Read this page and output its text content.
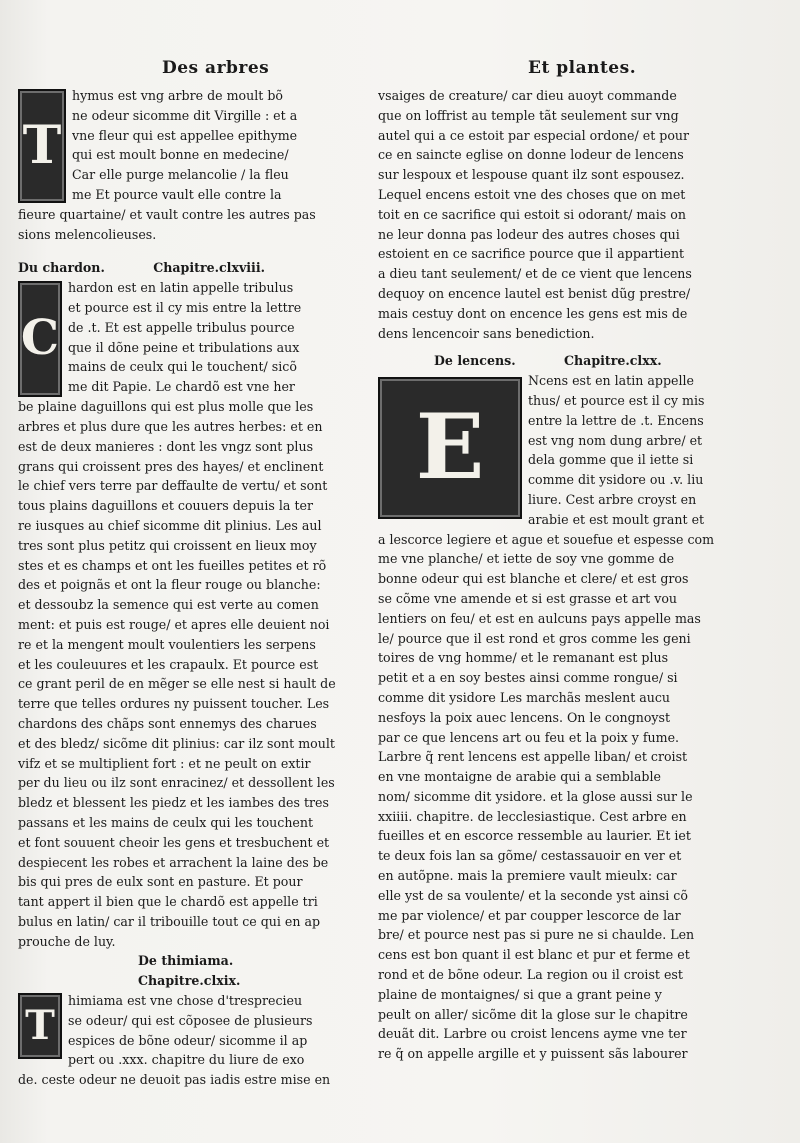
Des arbres	Et plantes.
T
hymus est vng arbre de moult bõ
ne odeur sicomme dit Virgille : et a
vne fleur qui est appellee epithyme
qui est moult bonne en medecine/
Car elle purge melancolie / la fleu
me Et pource vault elle contre la
fieure quartaine/ et vault contre les autres pas
sions melencolieuses.
Du chardon.	Chapitre.clxviii.
C
hardon est en latin appelle tribulus
et pource est il cy mis entre la lettre
de .t. Et est appelle tribulus pource
que il dõne peine et tribulations aux
mains de ceulx qui le touchent/ sicõ
me dit Papie. Le chardõ est vne her
be plaine daguillons qui est plus molle que les
arbres et plus dure que les autres herbes: et en
est de deux manieres : dont les vngz sont plus
grans qui croissent pres des hayes/ et enclinent
le chief vers terre par deffaulte de vertu/ et sont
tous plains daguillons et couuers depuis la ter
re iusques au chief sicomme dit plinius. Les aul
tres sont plus petitz qui croissent en lieux moy
stes et es champs et ont les fueilles petites et rõ
des et poignãs et ont la fleur rouge ou blanche:
et dessoubz la semence qui est verte au comen
ment: et puis est rouge/ et apres elle deuient noi
re et la mengent moult voulentiers les serpens
et les couleuures et les crapaulx. Et pource est
ce grant peril de en mẽger se elle nest si hault de
terre que telles ordures ny puissent toucher. Les
chardons des chãps sont ennemys des charues
et des bledz/ sicõme dit plinius: car ilz sont moult
vifz et se multiplient fort : et ne peult on extir
per du lieu ou ilz sont enracinez/ et dessollent les
bledz et blessent les piedz et les iambes des tres
passans et les mains de ceulx qui les touchent
et font souuent cheoir les gens et tresbuchent et
despiecent les robes et arrachent la laine des be
bis qui pres de eulx sont en pasture. Et pour
tant appert il bien que le chardõ est appelle tri
bulus en latin/ car il tribouille tout ce qui en ap
prouche de luy.
De thimiama.
Chapitre.clxix.
T
himiama est vne chose d'tresprecieu
se odeur/ qui est cõposee de plusieurs
espices de bõne odeur/ sicomme il ap
pert ou .xxx. chapitre du liure de exo
de. ceste odeur ne deuoit pas iadis estre mise en
vsaiges de creature/ car dieu auoyt commande
que on loffrist au temple tãt seulement sur vng
autel qui a ce estoit par especial ordone/ et pour
ce en saincte eglise on donne lodeur de lencens
sur lespoux et lespouse quant ilz sont espousez.
Lequel encens estoit vne des choses que on met
toit en ce sacrifice qui estoit si odorant/ mais on
ne leur donna pas lodeur des autres choses qui
estoient en ce sacrifice pource que il appartient
a dieu tant seulement/ et de ce vient que lencens
dequoy on encence lautel est benist dũg prestre/
mais cestuy dont on encence les gens est mis de
dens lencencoir sans benediction.
De lencens.	Chapitre.clxx.
E
Ncens est en latin appelle
thus/ et pource est il cy mis
entre la lettre de .t. Encens
est vng nom dung arbre/ et
dela gomme que il iette si
comme dit ysidore ou .v. liu
liure. Cest arbre croyst en
arabie et est moult grant et
a lescorce legiere et ague et souefue et espesse com
me vne planche/ et iette de soy vne gomme de
bonne odeur qui est blanche et clere/ et est gros
se cõme vne amende et si est grasse et art vou
lentiers on feu/ et est en aulcuns pays appelle mas
le/ pource que il est rond et gros comme les geni
toires de vng homme/ et le remanant est plus
petit et a en soy bestes ainsi comme rongue/ si
comme dit ysidore Les marchãs meslent aucu
nesfoys la poix auec lencens. On le congnoyst
par ce que lencens art ou feu et la poix y fume.
Larbre q̃ rent lencens est appelle liban/ et croist
en vne montaigne de arabie qui a semblable
nom/ sicomme dit ysidore. et la glose aussi sur le
xxiiii. chapitre. de lecclesiastique. Cest arbre en
fueilles et en escorce ressemble au laurier. Et iet
te deux fois lan sa gõme/ cestassauoir en ver et
en autõpne. mais la premiere vault mieulx: car
elle yst de sa voulente/ et la seconde yst ainsi cõ
me par violence/ et par coupper lescorce de lar
bre/ et pource nest pas si pure ne si chaulde. Len
cens est bon quant il est blanc et pur et ferme et
rond et de bõne odeur. La region ou il croist est
plaine de montaignes/ si que a grant peine y
peult on aller/ sicõme dit la glose sur le chapitre
deuãt dit. Larbre ou croist lencens ayme vne ter
re q̃ on appelle argille et y puissent sãs labourer
